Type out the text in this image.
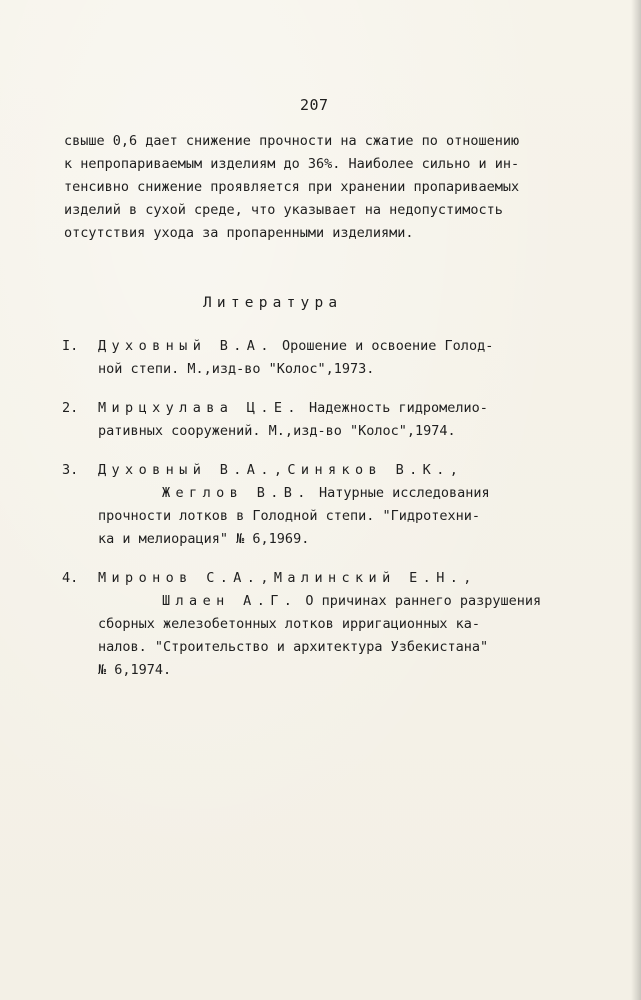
207
свыше 0,6 дает снижение прочности на сжатие по отношению
к непропариваемым изделиям до 36%. Наиболее сильно и ин-
тенсивно снижение проявляется при хранении пропариваемых
изделий в сухой среде, что указывает на недопустимость
отсутствия ухода за пропаренными изделиями.
Литература
I. Духовный В.А. Орошение и освоение Голод-
ной степи. М.,изд-во "Колос",1973.
2. Мирцхулава Ц.Е. Надежность гидромелио-
ративных сооружений. М.,изд-во "Колос",1974.
3. Духовный В.А.,Синяков В.К.,
Жеглов В.В. Натурные исследования
прочности лотков в Голодной степи. "Гидротехни-
ка и мелиорация" № 6,1969.
4. Миронов С.А.,Малинский Е.Н.,
Шлаен А.Г. О причинах раннего разрушения
сборных железобетонных лотков ирригационных ка-
налов. "Строительство и архитектура Узбекистана"
№ 6,1974.
